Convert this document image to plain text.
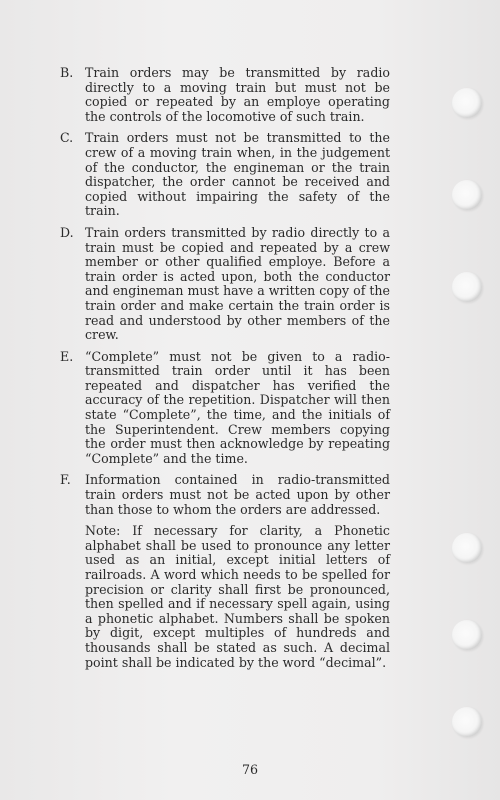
B. Train orders may be transmitted by radio directly to a moving train but must not be copied or repeated by an employe operating the controls of the locomotive of such train.
C. Train orders must not be transmitted to the crew of a moving train when, in the judgement of the conductor, the engineman or the train dispatcher, the order cannot be received and copied without impairing the safety of the train.
D. Train orders transmitted by radio directly to a train must be copied and repeated by a crew member or other qualified employe. Before a train order is acted upon, both the conductor and engineman must have a written copy of the train order and make certain the train order is read and understood by other members of the crew.
E. “Complete” must not be given to a radio-transmitted train order until it has been repeated and dispatcher has verified the accuracy of the repetition. Dispatcher will then state “Complete”, the time, and the initials of the Superintendent. Crew members copying the order must then acknowledge by repeating “Complete” and the time.
F.	Information contained in radio-transmitted train orders must not be acted upon by other than those to whom the orders are addressed.
Note: If necessary for clarity, a Phonetic alphabet shall be used to pronounce any letter used as an initial, except initial letters of railroads. A word which needs to be spelled for precision or clarity shall first be pronounced, then spelled and if necessary spell again, using a phonetic alphabet. Numbers shall be spoken by digit, except multiples of hundreds and thousands shall be stated as such. A decimal point shall be indicated by the word “decimal”.
76
